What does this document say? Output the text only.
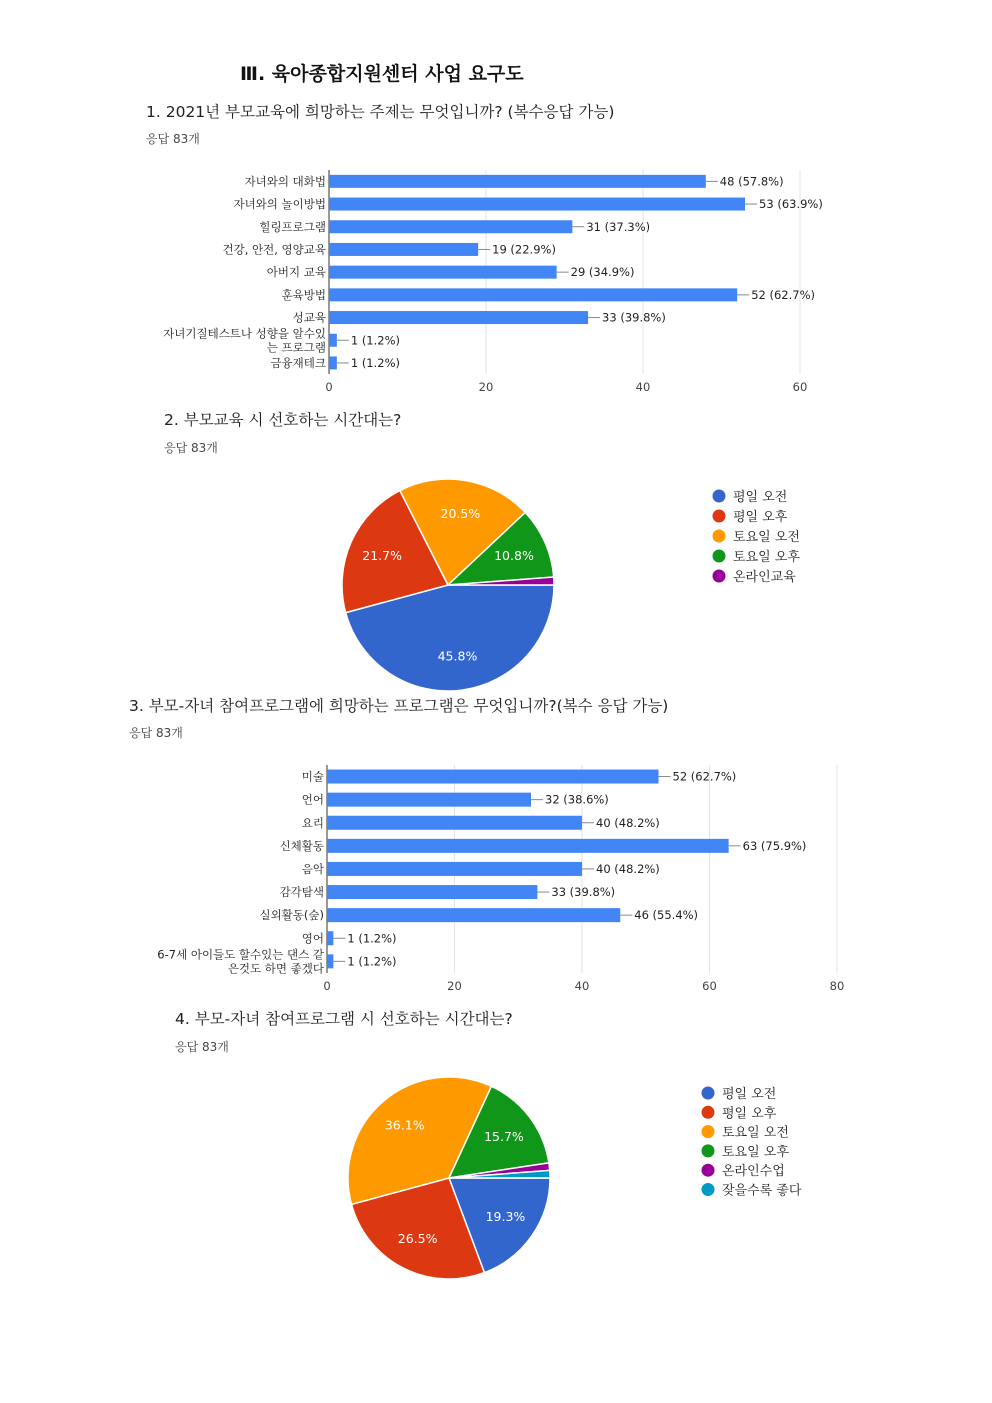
Ⅲ. 육아종합지원센터 사업 요구도
1. 2021년 부모교육에 희망하는 주제는 무엇입니까? (복수응답 가능)
응답 83개
0	20	40	60
48 (57.8%)
자녀와의 대화법
53 (63.9%)
자녀와의 놀이방법
31 (37.3%)
힐링프로그램
19 (22.9%)
건강, 안전, 영양교육
29 (34.9%)
아버지 교육
52 (62.7%)
훈육방법
33 (39.8%)
성교육
1 (1.2%)
자녀기질테스트나 성향을 알수있
는 프로그램
1 (1.2%)
금융재테크
2. 부모교육 시 선호하는 시간대는?
응답 83개
45.8%
21.7%
20.5%
10.8%
평일 오전
평일 오후
토요일 오전
토요일 오후
온라인교육
3. 부모-자녀 참여프로그램에 희망하는 프로그램은 무엇입니까?(복수 응답 가능)
응답 83개
0	20	40	60	80
52 (62.7%)
미술
32 (38.6%)
언어
40 (48.2%)
요리
63 (75.9%)
신체활동
40 (48.2%)
음악
33 (39.8%)
감각탐색
46 (55.4%)
실외활동(숲)
1 (1.2%)
영어
1 (1.2%)
6-7세 아이들도 할수있는 댄스 같
은것도 하면 좋겠다
4. 부모-자녀 참여프로그램 시 선호하는 시간대는?
응답 83개
19.3%
26.5%
36.1%
15.7%
평일 오전
평일 오후
토요일 오전
토요일 오후
온라인수업
잦을수록 좋다
